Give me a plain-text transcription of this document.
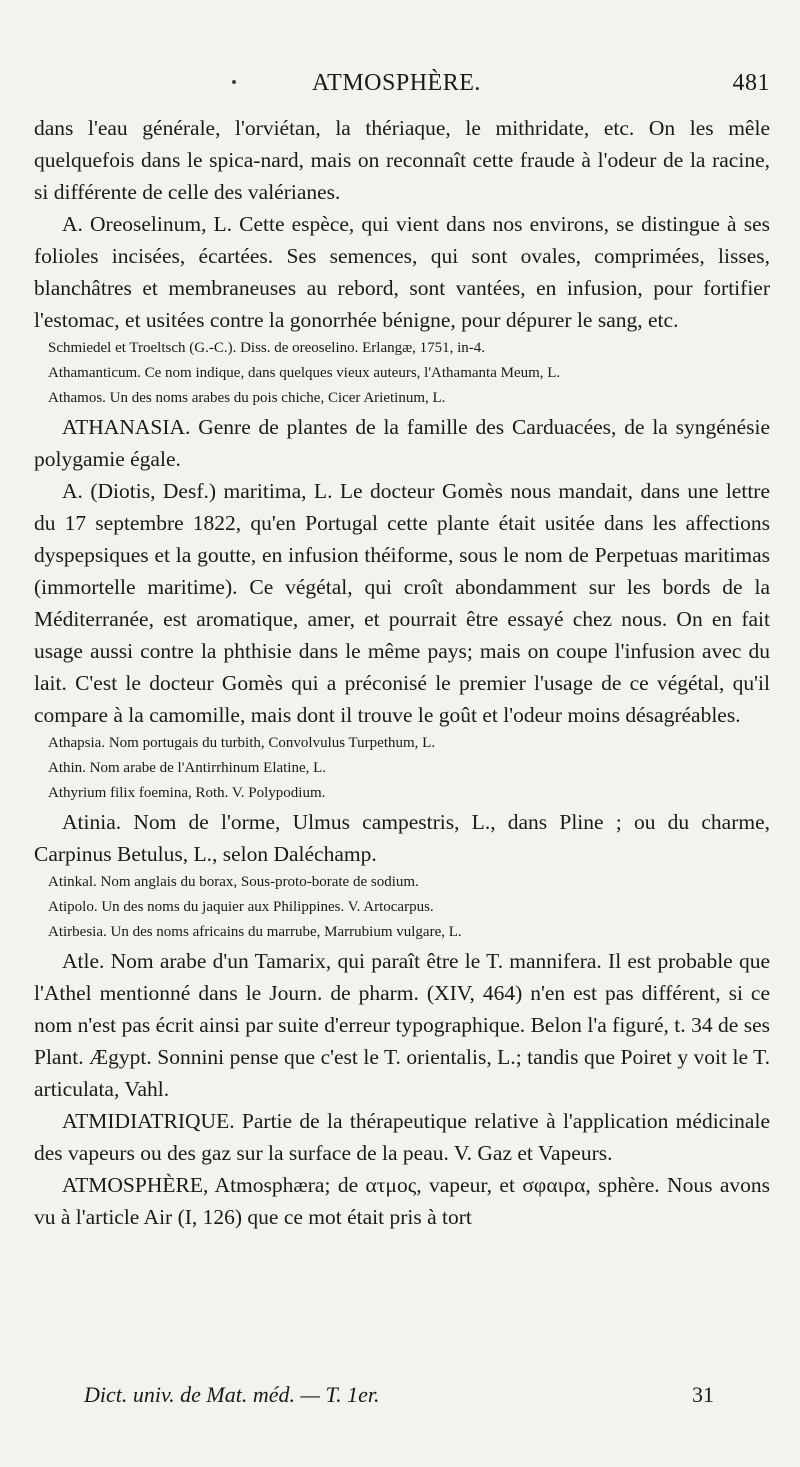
ATMOSPHÈRE.	481

dans l'eau générale, l'orviétan, la thériaque, le mithridate, etc. On les mêle quelquefois dans le spica-nard, mais on reconnaît cette fraude à l'odeur de la racine, si différente de celle des valérianes.

A. Oreoselinum, L. Cette espèce, qui vient dans nos environs, se distingue à ses folioles incisées, écartées. Ses semences, qui sont ovales, comprimées, lisses, blanchâtres et membraneuses au rebord, sont vantées, en infusion, pour fortifier l'estomac, et usitées contre la gonorrhée bénigne, pour dépurer le sang, etc.

Schmiedel et Troeltsch (G.-C.). Diss. de oreoselino. Erlangæ, 1751, in-4.

Athamanticum. Ce nom indique, dans quelques vieux auteurs, l'Athamanta Meum, L.

Athamos. Un des noms arabes du pois chiche, Cicer Arietinum, L.

ATHANASIA. Genre de plantes de la famille des Carduacées, de la syngénésie polygamie égale.

A. (Diotis, Desf.) maritima, L. Le docteur Gomès nous mandait, dans une lettre du 17 septembre 1822, qu'en Portugal cette plante était usitée dans les affections dyspepsiques et la goutte, en infusion théiforme, sous le nom de Perpetuas maritimas (immortelle maritime). Ce végétal, qui croît abondamment sur les bords de la Méditerranée, est aromatique, amer, et pourrait être essayé chez nous. On en fait usage aussi contre la phthisie dans le même pays; mais on coupe l'infusion avec du lait. C'est le docteur Gomès qui a préconisé le premier l'usage de ce végétal, qu'il compare à la camomille, mais dont il trouve le goût et l'odeur moins désagréables.

Athapsia. Nom portugais du turbith, Convolvulus Turpethum, L.

Athin. Nom arabe de l'Antirrhinum Elatine, L.

Athyrium filix foemina, Roth. V. Polypodium.

Atinia. Nom de l'orme, Ulmus campestris, L., dans Pline ; ou du charme, Carpinus Betulus, L., selon Daléchamp.

Atinkal. Nom anglais du borax, Sous-proto-borate de sodium.

Atipolo. Un des noms du jaquier aux Philippines. V. Artocarpus.

Atirbesia. Un des noms africains du marrube, Marrubium vulgare, L.

Atle. Nom arabe d'un Tamarix, qui paraît être le T. mannifera. Il est probable que l'Athel mentionné dans le Journ. de pharm. (XIV, 464) n'en est pas différent, si ce nom n'est pas écrit ainsi par suite d'erreur typographique. Belon l'a figuré, t. 34 de ses Plant. Ægypt. Sonnini pense que c'est le T. orientalis, L.; tandis que Poiret y voit le T. articulata, Vahl.

ATMIDIATRIQUE. Partie de la thérapeutique relative à l'application médicinale des vapeurs ou des gaz sur la surface de la peau. V. Gaz et Vapeurs.

ATMOSPHÈRE, Atmosphæra; de ατμος, vapeur, et σφαιρα, sphère. Nous avons vu à l'article Air (I, 126) que ce mot était pris à tort

Dict. univ. de Mat. méd. — T. 1er.	31
